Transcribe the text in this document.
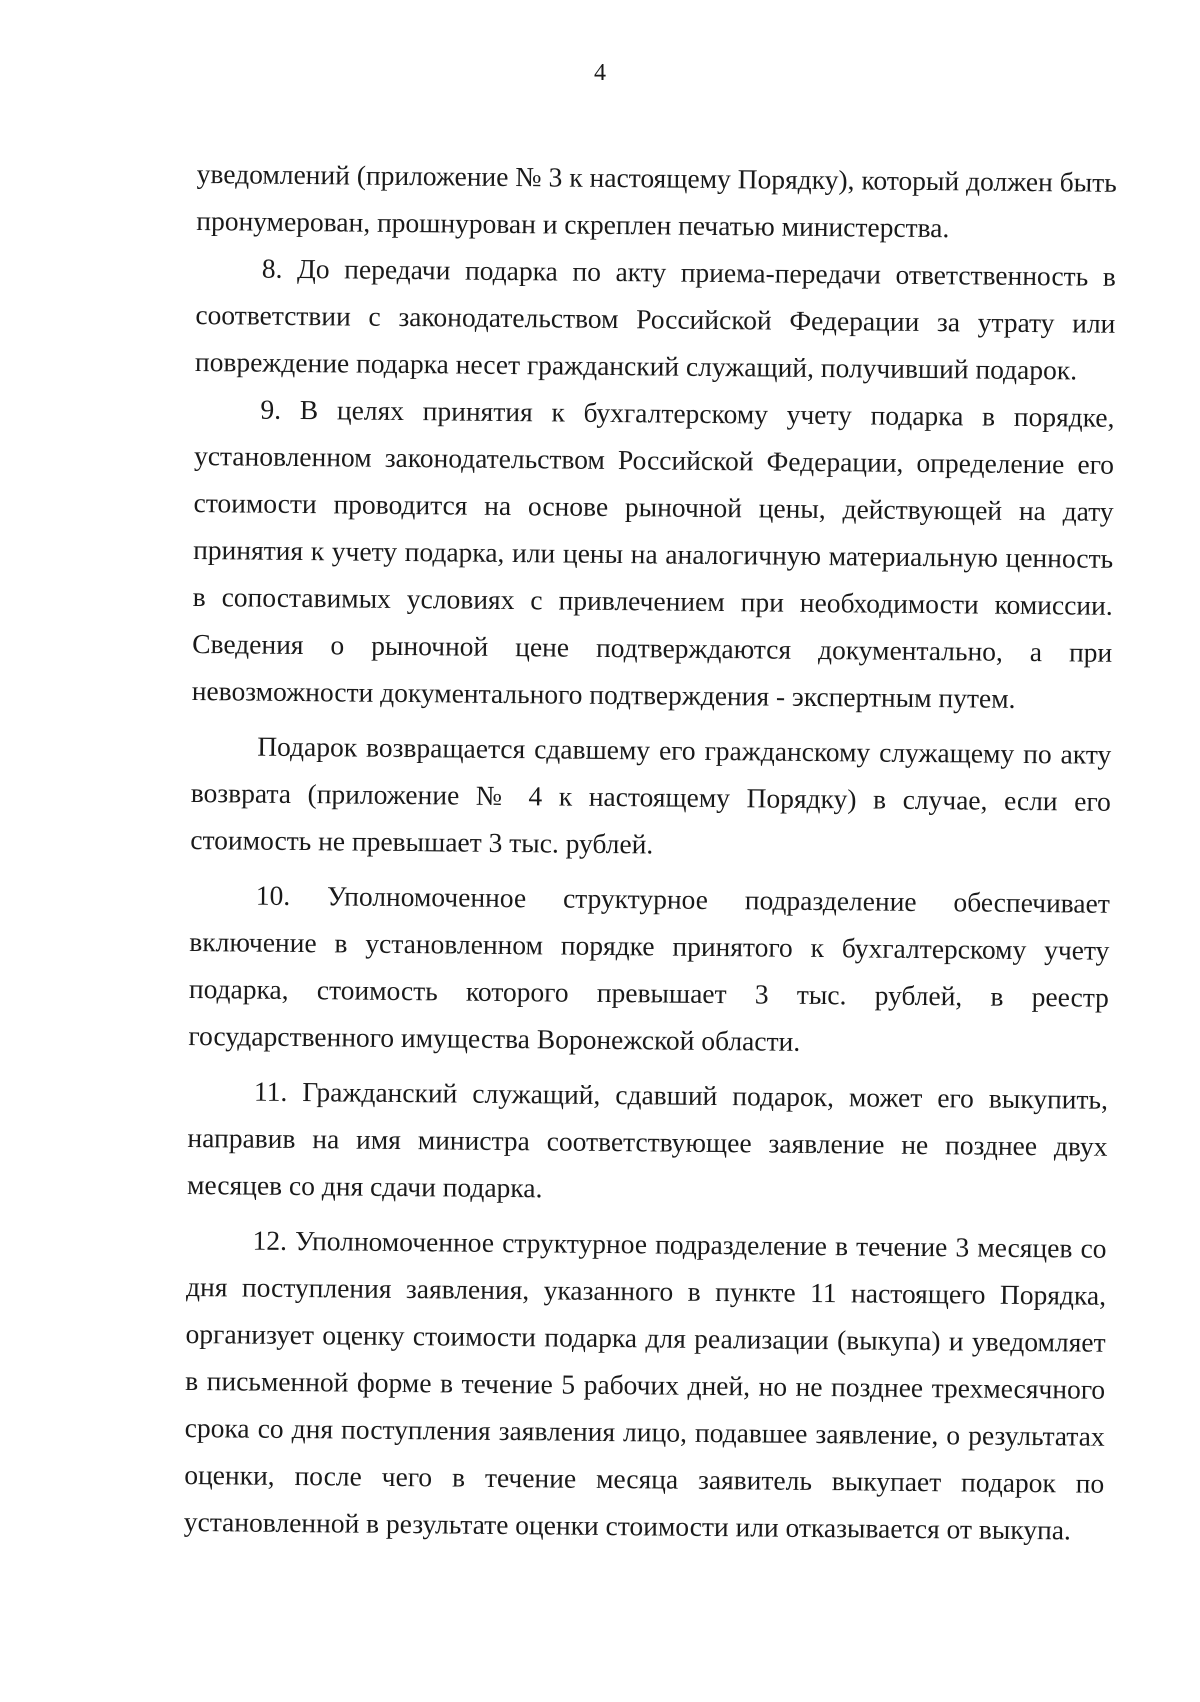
4

уведомлений (приложение № 3 к настоящему Порядку), который должен быть пронумерован, прошнурован и скреплен печатью министерства.

8. До передачи подарка по акту приема-передачи ответственность в соответствии с законодательством Российской Федерации за утрату или повреждение подарка несет гражданский служащий, получивший подарок.

9. В целях принятия к бухгалтерскому учету подарка в порядке, установленном законодательством Российской Федерации, определение его стоимости проводится на основе рыночной цены, действующей на дату принятия к учету подарка, или цены на аналогичную материальную ценность в сопоставимых условиях с привлечением при необходимости комиссии. Сведения о рыночной цене подтверждаются документально, а при невозможности документального подтверждения - экспертным путем.

Подарок возвращается сдавшему его гражданскому служащему по акту возврата (приложение № 4 к настоящему Порядку) в случае, если его стоимость не превышает 3 тыс. рублей.

10. Уполномоченное структурное подразделение обеспечивает включение в установленном порядке принятого к бухгалтерскому учету подарка, стоимость которого превышает 3 тыс. рублей, в реестр государственного имущества Воронежской области.

11. Гражданский служащий, сдавший подарок, может его выкупить, направив на имя министра соответствующее заявление не позднее двух месяцев со дня сдачи подарка.

12. Уполномоченное структурное подразделение в течение 3 месяцев со дня поступления заявления, указанного в пункте 11 настоящего Порядка, организует оценку стоимости подарка для реализации (выкупа) и уведомляет в письменной форме в течение 5 рабочих дней, но не позднее трехмесячного срока со дня поступления заявления лицо, подавшее заявление, о результатах оценки, после чего в течение месяца заявитель выкупает подарок по установленной в результате оценки стоимости или отказывается от выкупа.
